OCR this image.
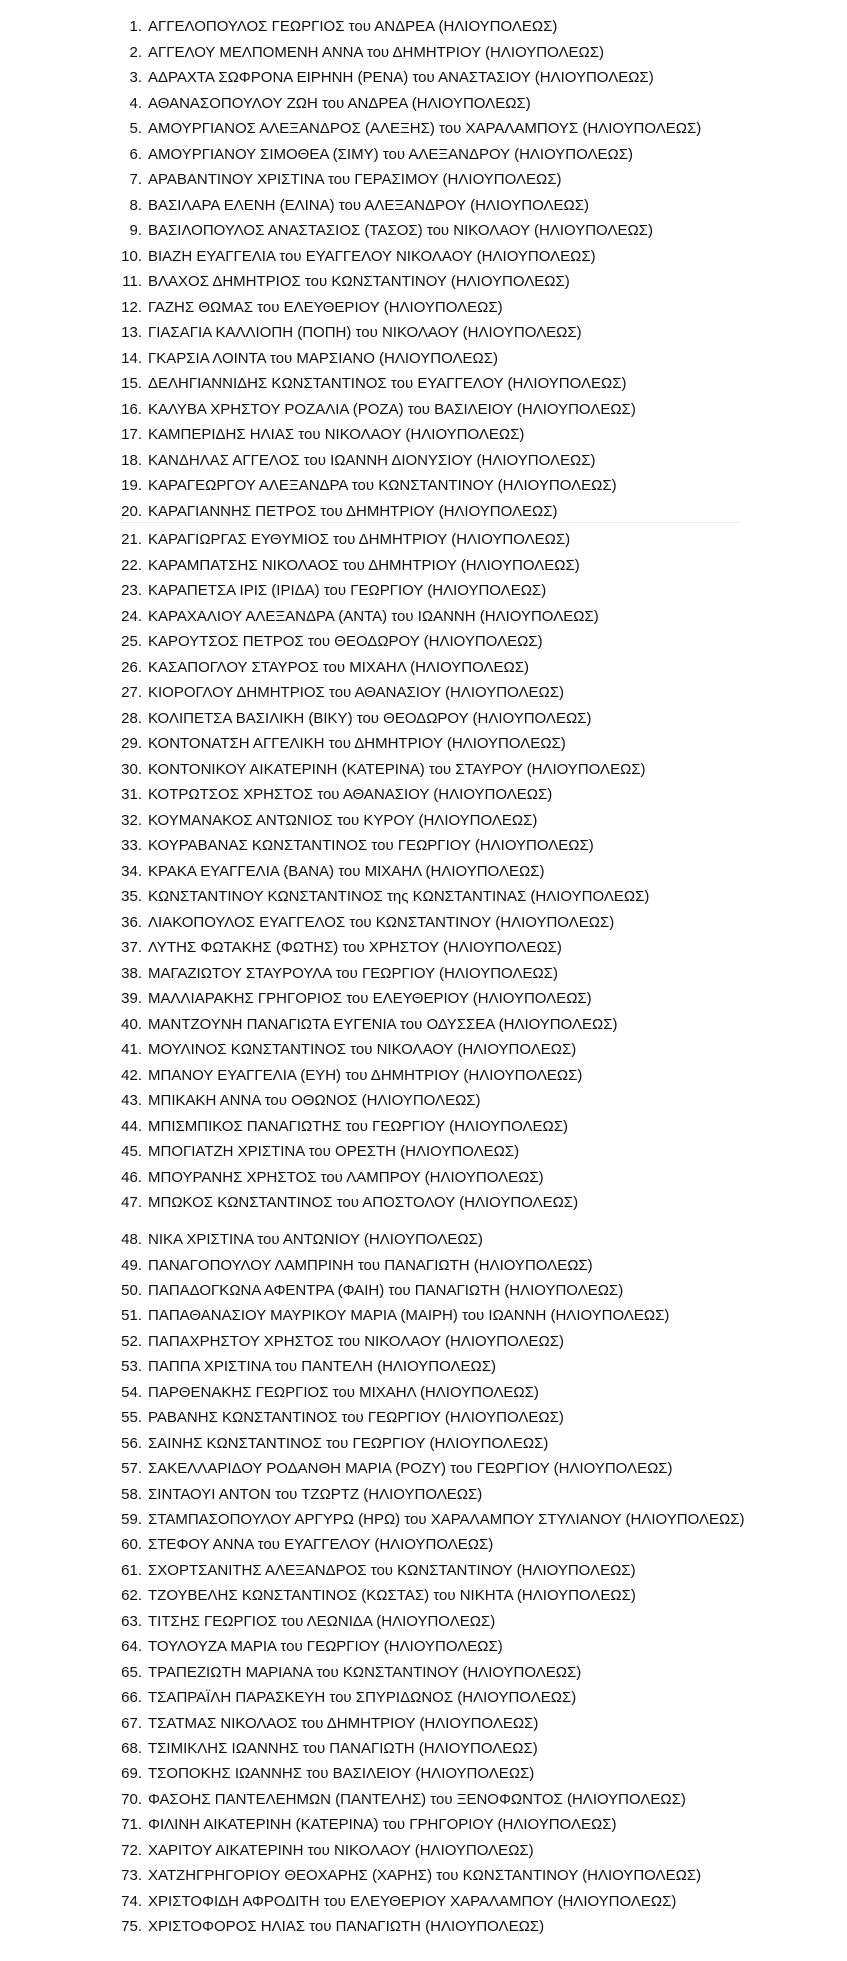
1. ΑΓΓΕΛΟΠΟΥΛΟΣ ΓΕΩΡΓΙΟΣ του ΑΝΔΡΕΑ (ΗΛΙΟΥΠΟΛΕΩΣ)
2. ΑΓΓΕΛΟΥ ΜΕΛΠΟΜΕΝΗ ΑΝΝΑ του ΔΗΜΗΤΡΙΟΥ (ΗΛΙΟΥΠΟΛΕΩΣ)
3. ΑΔΡΑΧΤΑ ΣΩΦΡΟΝΑ ΕΙΡΗΝΗ (ΡΕΝΑ) του ΑΝΑΣΤΑΣΙΟΥ (ΗΛΙΟΥΠΟΛΕΩΣ)
4. ΑΘΑΝΑΣΟΠΟΥΛΟΥ ΖΩΗ του ΑΝΔΡΕΑ (ΗΛΙΟΥΠΟΛΕΩΣ)
5. ΑΜΟΥΡΓΙΑΝΟΣ ΑΛΕΞΑΝΔΡΟΣ (ΑΛΕΞΗΣ) του ΧΑΡΑΛΑΜΠΟΥΣ (ΗΛΙΟΥΠΟΛΕΩΣ)
6. ΑΜΟΥΡΓΙΑΝΟΥ ΣΙΜΟΘΕΑ (ΣΙΜΥ) του ΑΛΕΞΑΝΔΡΟΥ (ΗΛΙΟΥΠΟΛΕΩΣ)
7. ΑΡΑΒΑΝΤΙΝΟΥ ΧΡΙΣΤΙΝΑ του ΓΕΡΑΣΙΜΟΥ (ΗΛΙΟΥΠΟΛΕΩΣ)
8. ΒΑΣΙΛΑΡΑ ΕΛΕΝΗ (ΕΛΙΝΑ) του ΑΛΕΞΑΝΔΡΟΥ (ΗΛΙΟΥΠΟΛΕΩΣ)
9. ΒΑΣΙΛΟΠΟΥΛΟΣ ΑΝΑΣΤΑΣΙΟΣ (ΤΑΣΟΣ) του ΝΙΚΟΛΑΟΥ (ΗΛΙΟΥΠΟΛΕΩΣ)
10. ΒΙΑΖΗ ΕΥΑΓΓΕΛΙΑ του ΕΥΑΓΓΕΛΟΥ ΝΙΚΟΛΑΟΥ (ΗΛΙΟΥΠΟΛΕΩΣ)
11. ΒΛΑΧΟΣ ΔΗΜΗΤΡΙΟΣ του ΚΩΝΣΤΑΝΤΙΝΟΥ (ΗΛΙΟΥΠΟΛΕΩΣ)
12. ΓΑΖΗΣ ΘΩΜΑΣ του ΕΛΕΥΘΕΡΙΟΥ (ΗΛΙΟΥΠΟΛΕΩΣ)
13. ΓΙΑΣΑΓΙΑ ΚΑΛΛΙΟΠΗ (ΠΟΠΗ) του ΝΙΚΟΛΑΟΥ (ΗΛΙΟΥΠΟΛΕΩΣ)
14. ΓΚΑΡΣΙΑ ΛΟΙΝΤΑ του ΜΑΡΣΙΑΝΟ (ΗΛΙΟΥΠΟΛΕΩΣ)
15. ΔΕΛΗΓΙΑΝΝΙΔΗΣ ΚΩΝΣΤΑΝΤΙΝΟΣ του ΕΥΑΓΓΕΛΟΥ (ΗΛΙΟΥΠΟΛΕΩΣ)
16. ΚΑΛΥΒΑ ΧΡΗΣΤΟΥ ΡΟΖΑΛΙΑ (ΡΟΖΑ) του ΒΑΣΙΛΕΙΟΥ (ΗΛΙΟΥΠΟΛΕΩΣ)
17. ΚΑΜΠΕΡΙΔΗΣ ΗΛΙΑΣ του ΝΙΚΟΛΑΟΥ (ΗΛΙΟΥΠΟΛΕΩΣ)
18. ΚΑΝΔΗΛΑΣ ΑΓΓΕΛΟΣ του ΙΩΑΝΝΗ ΔΙΟΝΥΣΙΟΥ (ΗΛΙΟΥΠΟΛΕΩΣ)
19. ΚΑΡΑΓΕΩΡΓΟΥ ΑΛΕΞΑΝΔΡΑ του ΚΩΝΣΤΑΝΤΙΝΟΥ (ΗΛΙΟΥΠΟΛΕΩΣ)
20. ΚΑΡΑΓΙΑΝΝΗΣ ΠΕΤΡΟΣ του ΔΗΜΗΤΡΙΟΥ (ΗΛΙΟΥΠΟΛΕΩΣ)
21. ΚΑΡΑΓΙΩΡΓΑΣ ΕΥΘΥΜΙΟΣ του ΔΗΜΗΤΡΙΟΥ (ΗΛΙΟΥΠΟΛΕΩΣ)
22. ΚΑΡΑΜΠΑΤΣΗΣ ΝΙΚΟΛΑΟΣ του ΔΗΜΗΤΡΙΟΥ (ΗΛΙΟΥΠΟΛΕΩΣ)
23. ΚΑΡΑΠΕΤΣΑ ΙΡΙΣ (ΙΡΙΔΑ) του ΓΕΩΡΓΙΟΥ (ΗΛΙΟΥΠΟΛΕΩΣ)
24. ΚΑΡΑΧΑΛΙΟΥ ΑΛΕΞΑΝΔΡΑ (ΑΝΤΑ) του ΙΩΑΝΝΗ (ΗΛΙΟΥΠΟΛΕΩΣ)
25. ΚΑΡΟΥΤΣΟΣ ΠΕΤΡΟΣ του ΘΕΟΔΩΡΟΥ (ΗΛΙΟΥΠΟΛΕΩΣ)
26. ΚΑΣΑΠΟΓΛΟΥ ΣΤΑΥΡΟΣ του ΜΙΧΑΗΛ (ΗΛΙΟΥΠΟΛΕΩΣ)
27. ΚΙΟΡΟΓΛΟΥ ΔΗΜΗΤΡΙΟΣ του ΑΘΑΝΑΣΙΟΥ (ΗΛΙΟΥΠΟΛΕΩΣ)
28. ΚΟΛΙΠΕΤΣΑ ΒΑΣΙΛΙΚΗ (ΒΙΚΥ) του ΘΕΟΔΩΡΟΥ (ΗΛΙΟΥΠΟΛΕΩΣ)
29. ΚΟΝΤΟΝΑΤΣΗ ΑΓΓΕΛΙΚΗ του ΔΗΜΗΤΡΙΟΥ (ΗΛΙΟΥΠΟΛΕΩΣ)
30. ΚΟΝΤΟΝΙΚΟΥ ΑΙΚΑΤΕΡΙΝΗ (ΚΑΤΕΡΙΝΑ) του ΣΤΑΥΡΟΥ (ΗΛΙΟΥΠΟΛΕΩΣ)
31. ΚΟΤΡΩΤΣΟΣ ΧΡΗΣΤΟΣ του ΑΘΑΝΑΣΙΟΥ (ΗΛΙΟΥΠΟΛΕΩΣ)
32. ΚΟΥΜΑΝΑΚΟΣ ΑΝΤΩΝΙΟΣ του ΚΥΡΟΥ (ΗΛΙΟΥΠΟΛΕΩΣ)
33. ΚΟΥΡΑΒΑΝΑΣ ΚΩΝΣΤΑΝΤΙΝΟΣ του ΓΕΩΡΓΙΟΥ (ΗΛΙΟΥΠΟΛΕΩΣ)
34. ΚΡΑΚΑ ΕΥΑΓΓΕΛΙΑ (ΒΑΝΑ) του ΜΙΧΑΗΛ (ΗΛΙΟΥΠΟΛΕΩΣ)
35. ΚΩΝΣΤΑΝΤΙΝΟΥ ΚΩΝΣΤΑΝΤΙΝΟΣ της ΚΩΝΣΤΑΝΤΙΝΑΣ (ΗΛΙΟΥΠΟΛΕΩΣ)
36. ΛΙΑΚΟΠΟΥΛΟΣ ΕΥΑΓΓΕΛΟΣ του ΚΩΝΣΤΑΝΤΙΝΟΥ (ΗΛΙΟΥΠΟΛΕΩΣ)
37. ΛΥΤΗΣ ΦΩΤΑΚΗΣ (ΦΩΤΗΣ) του ΧΡΗΣΤΟΥ (ΗΛΙΟΥΠΟΛΕΩΣ)
38. ΜΑΓΑΖΙΩΤΟΥ ΣΤΑΥΡΟΥΛΑ του ΓΕΩΡΓΙΟΥ (ΗΛΙΟΥΠΟΛΕΩΣ)
39. ΜΑΛΛΙΑΡΑΚΗΣ ΓΡΗΓΟΡΙΟΣ του ΕΛΕΥΘΕΡΙΟΥ (ΗΛΙΟΥΠΟΛΕΩΣ)
40. ΜΑΝΤΖΟΥΝΗ ΠΑΝΑΓΙΩΤΑ ΕΥΓΕΝΙΑ του ΟΔΥΣΣΕΑ (ΗΛΙΟΥΠΟΛΕΩΣ)
41. ΜΟΥΛΙΝΟΣ ΚΩΝΣΤΑΝΤΙΝΟΣ του ΝΙΚΟΛΑΟΥ (ΗΛΙΟΥΠΟΛΕΩΣ)
42. ΜΠΑΝΟΥ ΕΥΑΓΓΕΛΙΑ (ΕΥΗ) του ΔΗΜΗΤΡΙΟΥ (ΗΛΙΟΥΠΟΛΕΩΣ)
43. ΜΠΙΚΑΚΗ ΑΝΝΑ του ΟΘΩΝΟΣ (ΗΛΙΟΥΠΟΛΕΩΣ)
44. ΜΠΙΣΜΠΙΚΟΣ ΠΑΝΑΓΙΩΤΗΣ του ΓΕΩΡΓΙΟΥ (ΗΛΙΟΥΠΟΛΕΩΣ)
45. ΜΠΟΓΙΑΤΖΗ ΧΡΙΣΤΙΝΑ του ΟΡΕΣΤΗ (ΗΛΙΟΥΠΟΛΕΩΣ)
46. ΜΠΟΥΡΑΝΗΣ ΧΡΗΣΤΟΣ του ΛΑΜΠΡΟΥ (ΗΛΙΟΥΠΟΛΕΩΣ)
47. ΜΠΩΚΟΣ ΚΩΝΣΤΑΝΤΙΝΟΣ του ΑΠΟΣΤΟΛΟΥ (ΗΛΙΟΥΠΟΛΕΩΣ)
48. ΝΙΚΑ ΧΡΙΣΤΙΝΑ του ΑΝΤΩΝΙΟΥ (ΗΛΙΟΥΠΟΛΕΩΣ)
49. ΠΑΝΑΓΟΠΟΥΛΟΥ ΛΑΜΠΡΙΝΗ του ΠΑΝΑΓΙΩΤΗ (ΗΛΙΟΥΠΟΛΕΩΣ)
50. ΠΑΠΑΔΟΓΚΩΝΑ ΑΦΕΝΤΡΑ (ΦΑΙΗ) του ΠΑΝΑΓΙΩΤΗ (ΗΛΙΟΥΠΟΛΕΩΣ)
51. ΠΑΠΑΘΑΝΑΣΙΟΥ ΜΑΥΡΙΚΟΥ ΜΑΡΙΑ (ΜΑΙΡΗ) του ΙΩΑΝΝΗ (ΗΛΙΟΥΠΟΛΕΩΣ)
52. ΠΑΠΑΧΡΗΣΤΟΥ ΧΡΗΣΤΟΣ του ΝΙΚΟΛΑΟΥ (ΗΛΙΟΥΠΟΛΕΩΣ)
53. ΠΑΠΠΑ ΧΡΙΣΤΙΝΑ του ΠΑΝΤΕΛΗ (ΗΛΙΟΥΠΟΛΕΩΣ)
54. ΠΑΡΘΕΝΑΚΗΣ ΓΕΩΡΓΙΟΣ του ΜΙΧΑΗΛ (ΗΛΙΟΥΠΟΛΕΩΣ)
55. ΡΑΒΑΝΗΣ ΚΩΝΣΤΑΝΤΙΝΟΣ του ΓΕΩΡΓΙΟΥ (ΗΛΙΟΥΠΟΛΕΩΣ)
56. ΣΑΙΝΗΣ ΚΩΝΣΤΑΝΤΙΝΟΣ του ΓΕΩΡΓΙΟΥ (ΗΛΙΟΥΠΟΛΕΩΣ)
57. ΣΑΚΕΛΛΑΡΙΔΟΥ ΡΟΔΑΝΘΗ ΜΑΡΙΑ (ΡΟΖΥ) του ΓΕΩΡΓΙΟΥ (ΗΛΙΟΥΠΟΛΕΩΣ)
58. ΣΙΝΤΑΟΥΙ ΑΝΤΟΝ του ΤΖΩΡΤΖ (ΗΛΙΟΥΠΟΛΕΩΣ)
59. ΣΤΑΜΠΑΣΟΠΟΥΛΟΥ ΑΡΓΥΡΩ (ΗΡΩ) του ΧΑΡΑΛΑΜΠΟΥ ΣΤΥΛΙΑΝΟΥ (ΗΛΙΟΥΠΟΛΕΩΣ)
60. ΣΤΕΦΟΥ ΑΝΝΑ του ΕΥΑΓΓΕΛΟΥ (ΗΛΙΟΥΠΟΛΕΩΣ)
61. ΣΧΟΡΤΣΑΝΙΤΗΣ ΑΛΕΞΑΝΔΡΟΣ του ΚΩΝΣΤΑΝΤΙΝΟΥ (ΗΛΙΟΥΠΟΛΕΩΣ)
62. ΤΖΟΥΒΕΛΗΣ ΚΩΝΣΤΑΝΤΙΝΟΣ (ΚΩΣΤΑΣ) του ΝΙΚΗΤΑ (ΗΛΙΟΥΠΟΛΕΩΣ)
63. ΤΙΤΣΗΣ ΓΕΩΡΓΙΟΣ του ΛΕΩΝΙΔΑ (ΗΛΙΟΥΠΟΛΕΩΣ)
64. ΤΟΥΛΟΥΖΑ ΜΑΡΙΑ του ΓΕΩΡΓΙΟΥ (ΗΛΙΟΥΠΟΛΕΩΣ)
65. ΤΡΑΠΕΖΙΩΤΗ ΜΑΡΙΑΝΑ του ΚΩΝΣΤΑΝΤΙΝΟΥ (ΗΛΙΟΥΠΟΛΕΩΣ)
66. ΤΣΑΠΡΑΪΛΗ ΠΑΡΑΣΚΕΥΗ του ΣΠΥΡΙΔΩΝΟΣ (ΗΛΙΟΥΠΟΛΕΩΣ)
67. ΤΣΑΤΜΑΣ ΝΙΚΟΛΑΟΣ του ΔΗΜΗΤΡΙΟΥ (ΗΛΙΟΥΠΟΛΕΩΣ)
68. ΤΣΙΜΙΚΛΗΣ ΙΩΑΝΝΗΣ του ΠΑΝΑΓΙΩΤΗ (ΗΛΙΟΥΠΟΛΕΩΣ)
69. ΤΣΟΠΟΚΗΣ ΙΩΑΝΝΗΣ του ΒΑΣΙΛΕΙΟΥ (ΗΛΙΟΥΠΟΛΕΩΣ)
70. ΦΑΣΟΗΣ ΠΑΝΤΕΛΕΗΜΩΝ (ΠΑΝΤΕΛΗΣ) του ΞΕΝΟΦΩΝΤΟΣ (ΗΛΙΟΥΠΟΛΕΩΣ)
71. ΦΙΛΙΝΗ ΑΙΚΑΤΕΡΙΝΗ (ΚΑΤΕΡΙΝΑ) του ΓΡΗΓΟΡΙΟΥ (ΗΛΙΟΥΠΟΛΕΩΣ)
72. ΧΑΡΙΤΟΥ ΑΙΚΑΤΕΡΙΝΗ του ΝΙΚΟΛΑΟΥ (ΗΛΙΟΥΠΟΛΕΩΣ)
73. ΧΑΤΖΗΓΡΗΓΟΡΙΟΥ ΘΕΟΧΑΡΗΣ (ΧΑΡΗΣ) του ΚΩΝΣΤΑΝΤΙΝΟΥ (ΗΛΙΟΥΠΟΛΕΩΣ)
74. ΧΡΙΣΤΟΦΙΔΗ ΑΦΡΟΔΙΤΗ του ΕΛΕΥΘΕΡΙΟΥ ΧΑΡΑΛΑΜΠΟΥ (ΗΛΙΟΥΠΟΛΕΩΣ)
75. ΧΡΙΣΤΟΦΟΡΟΣ ΗΛΙΑΣ του ΠΑΝΑΓΙΩΤΗ (ΗΛΙΟΥΠΟΛΕΩΣ)
